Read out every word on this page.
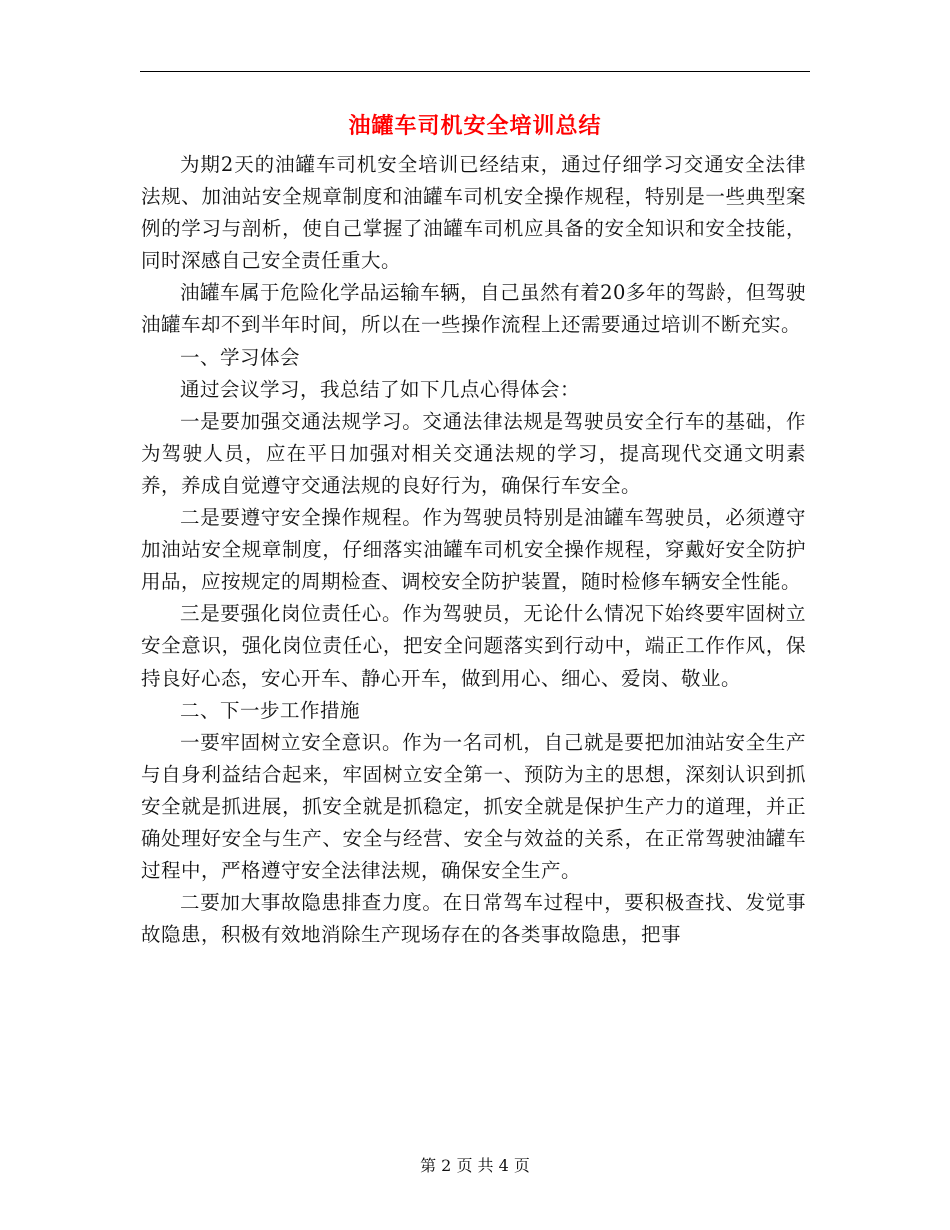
油罐车司机安全培训总结

为期2天的油罐车司机安全培训已经结束，通过仔细学习交通安全法律法规、加油站安全规章制度和油罐车司机安全操作规程，特别是一些典型案例的学习与剖析，使自己掌握了油罐车司机应具备的安全知识和安全技能，同时深感自己安全责任重大。

油罐车属于危险化学品运输车辆，自己虽然有着20多年的驾龄，但驾驶油罐车却不到半年时间，所以在一些操作流程上还需要通过培训不断充实。

一、学习体会

通过会议学习，我总结了如下几点心得体会：

一是要加强交通法规学习。交通法律法规是驾驶员安全行车的基础，作为驾驶人员，应在平日加强对相关交通法规的学习，提高现代交通文明素养，养成自觉遵守交通法规的良好行为，确保行车安全。

二是要遵守安全操作规程。作为驾驶员特别是油罐车驾驶员，必须遵守加油站安全规章制度，仔细落实油罐车司机安全操作规程，穿戴好安全防护用品，应按规定的周期检查、调校安全防护装置，随时检修车辆安全性能。

三是要强化岗位责任心。作为驾驶员，无论什么情况下始终要牢固树立安全意识，强化岗位责任心，把安全问题落实到行动中，端正工作作风，保持良好心态，安心开车、静心开车，做到用心、细心、爱岗、敬业。

二、下一步工作措施

一要牢固树立安全意识。作为一名司机，自己就是要把加油站安全生产与自身利益结合起来，牢固树立安全第一、预防为主的思想，深刻认识到抓安全就是抓进展，抓安全就是抓稳定，抓安全就是保护生产力的道理，并正确处理好安全与生产、安全与经营、安全与效益的关系，在正常驾驶油罐车过程中，严格遵守安全法律法规，确保安全生产。

二要加大事故隐患排查力度。在日常驾车过程中，要积极查找、发觉事故隐患，积极有效地消除生产现场存在的各类事故隐患，把事

第 2 页 共 4 页
